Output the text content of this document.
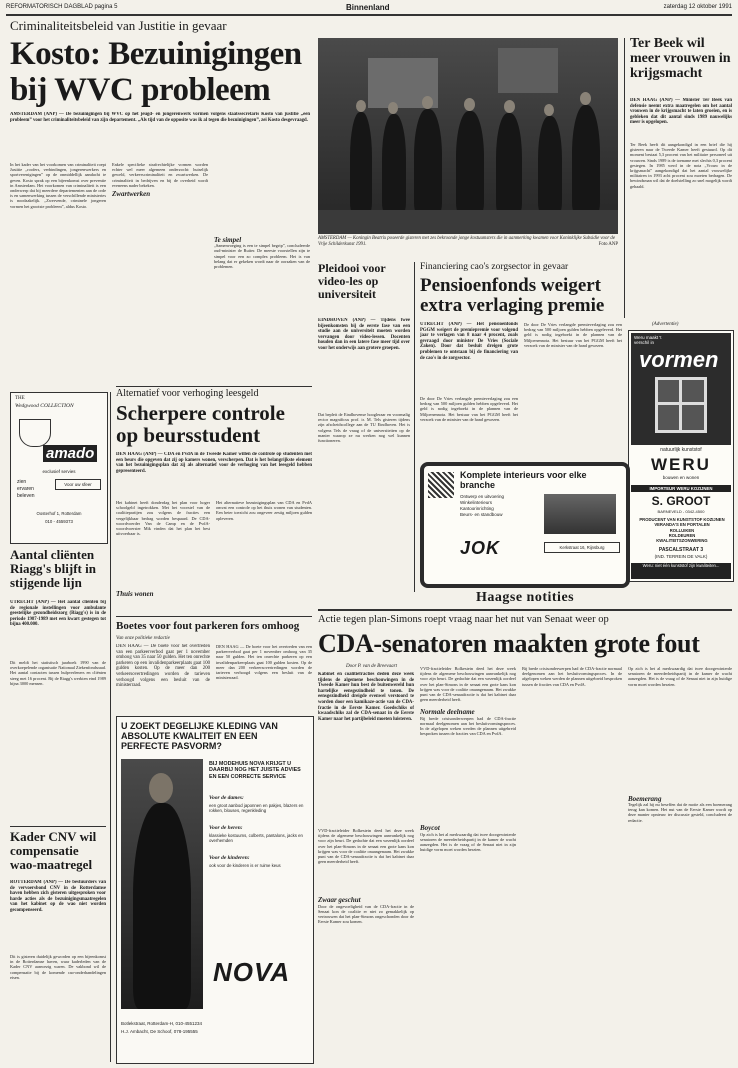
REFORMATORISCH DAGBLAD pagina 5	Binnenland	zaterdag 12 oktober 1991
Criminaliteitsbeleid van Justitie in gevaar
Kosto: Bezuinigingen bij WVC probleem
AMSTERDAM (ANP) — De bezuinigingen bij WVC op het jeugd- en jongerenwerk vormen volgens staatssecretaris Kosto van justitie „een probleem” voor het criminaliteitsbeleid van zijn departement. „Als tijd van de opposite was ik al tegen die bezuinigingen”, zei Kosto desgevraagd.
In het kader van het voorkomen van criminaliteit roept Justitie „roofers, verbindingen, jongerenwerkers en sportverenigingen” op de onmiddellijk aandacht te geven. Kosto sprak op een bijeenkomst over preventie in Amsterdam. Het voorkomen van criminaliteit is een onderwerp dat bij meerdere departementen aan de orde is en samenwerking tussen de verschillende ministeries is noodzakelijk. „Zwervende, criminele jongeren vormen het grootste probleem”, aldus Kosto.
Enkele specifieke strafrechtelijke vormen worden echter wel meer algemeen onderzocht: huiselijk geweld, verkeerscriminaliteit en zwartwerken. De criminaliteit in bedrijven en bij de overheid wordt eveneens nader bekeken.
Zwartwerken
Te simpel
„Samenvoeging is een te simpel begrip”, concludeerde oud-minister de Ruiter. De meeste voorstellen zijn te simpel voor een zo complex probleem. Het is van belang dat er gekeken wordt naar de oorzaken van de problemen.
AMSTERDAM — Koningin Beatrix poseerde gisteren met zes bekroonde jonge kostuumsters die in aanmerking kwamen voor Koninklijke Subsidie voor de Vrije Schilderkunst 1991.	Foto ANP
Ter Beek wil meer vrouwen in krijgsmacht
DEN HAAG (ANP) — Minister Ter Beek van defensie neemt extra maatregelen om het aantal vrouwen in de krijgsmacht te laten groeien, en is gebleken dat dit aantal sinds 1989 nauwelijks meer is opgelopen.
Ter Beek heeft dit aangekondigd in een brief die hij gisteren naar de Tweede Kamer heeft gestuurd. Op dit moment bestaat 5,3 procent van het militaire personeel uit vrouwen. Sinds 1989 is de toename met slechts 0,3 procent gestegen. In 1985 werd in de nota „Vrouw in de krijgsmacht” aangekondigd dat het aantal vrouwelijke militairen in 1993 acht procent zou moeten bedragen. De bewindsman wil dat de doelstelling zo snel mogelijk wordt gehaald.
(Advertentie)
Weru maakt 't verschil in
vormen
natuurlijk kunststof
WERU
bouwen en wonen
IMPORTEUR WERU KOZIJNEN
S. GROOT
BARNEVELD - 0342-4500
PRODUCENT VAN KUNSTSTOF KOZIJNEN
VERANDA'S EN PORTALEN
ROLLUIKEN
ROLDEUREN
KWALITEITSZONWERING
PASCALSTRAAT 3
(IND. TERREIN DE VALK)
Weru: niet één kunststof zijn kwaliteiten...
Pleidooi voor video-les op universiteit
EINDHOVEN (ANP) — Tijdens twee bijeenkomsten bij de eerste fase van een studie aan de universiteit moeten worden vervangen door video-lessen. Docenten houden dan in een latere fase meer tijd over voor het onderwijs aan grotere groepen.
Dat bepleit de Eindhovense hoogleraar en voormalig rector magnificus prof. ir. M. Tels gisteren tijdens zijn afscheidscollege aan de TU Eindhoven. Het is volgens Tels de vraag of de universiteiten op de manier waarop ze nu werken nog wel kunnen functioneren.
Financiering cao's zorgsector in gevaar
Pensioenfonds weigert extra verlaging premie
UTRECHT (ANP) — Het pensioenfonds PGGM weigert de premiepremie voor volgend jaar te verlagen van 8 naar 4 procent, zoals gevraagd door minister De Vries (Sociale Zaken). Door dat besluit dreigen grote problemen te ontstaan bij de financiering van de cao's in de zorgsector.
De door De Vries verlangde premieverlaging zou een bedrag van 500 miljoen gulden hebben opgeleverd. Het geld is nodig ingeboekt in de plannen van de Miljoenennota. Het bestuur van het PGGM heeft het verzoek van de minister van de hand gewezen.
De door De Vries verlangde premieverlaging zou een bedrag van 500 miljoen gulden hebben opgeleverd. Het geld is nodig ingeboekt in de plannen van de Miljoenennota. Het bestuur van het PGGM heeft het verzoek van de minister van de hand gewezen.
Komplete interieurs voor elke branche
Ontwerp en uitvoering
Winkelinterieurs
Kantoorinrichting
Beurs- en standbouw
JOK	Kerkstraat 16, Rijnsburg
Haagse notities
THE
Wedgwood COLLECTION
amado
exclusief servies
zien
ervaren
beleven
Voor uw sfeer
Oosterhof 1, Rotterdam
010 - 4559373
Aantal cliënten Riagg's blijft in stijgende lijn
UTRECHT (ANP) — Het aantal cliënten bij de regionale instellingen voor ambulante geestelijke gezondheidszorg (Riagg's) is in de periode 1987-1989 met een kwart gestegen tot bijna 400.000.
Dit meldt het statistisch jaarboek 1990 van de overkoepelende organisatie Nationaal Ziekenfondsraad. Het aantal contacten tussen hulpverleners en cliënten steeg met 16 procent. Bij de Riagg's werkten eind 1989 bijna 3000 mensen.
Kader CNV wil compensatie wao-maatregel
ROTTERDAM (ANP) — De bestuurders van de vervoersbond CNV in de Rotterdamse haven hebben zich gisteren uitgesproken voor harde acties als de bezuinigingsmaatregelen van het kabinet op de wao niet worden gecompenseerd.
Dit is gisteren duidelijk geworden op een bijeenkomst in de Rotterdamse haven, waar kaderleden van de Kader CNV aanwezig waren. De vakbond wil de compensatie bij de komende cao-onderhandelingen eisen.
Alternatief voor verhoging leesgeld
Scherpere controle op beursstudent
DEN HAAG (ANP) — CDA en PvdA in de Tweede Kamer willen de controle op studenten met een beurs die opgeven dat zij op kamers wonen, verscherpen. Dat is het belangrijkste element van het bezuinigingsplan dat zij als alternatief voor de verhoging van het leesgeld hebben gepresenteerd.
Het kabinet heeft donderdag het plan voor hoger schoolgeld ingetrokken. Met het voorstel van de coalitiepartijen zou volgens de fracties een vergelijkbaar bedrag worden bespaard. De CDA-woordvoerder Van de Camp en de PvdA-woordvoerster Mik vinden dat het plan het best uitvoerbaar is.
Het alternatieve bezuinigingsplan van CDA en PvdA omvat een controle op het thuis wonen van studenten. Een beter toezicht zou ongeveer zestig miljoen gulden opleveren.
Thuis wonen
Boetes voor fout parkeren fors omhoog
Van onze politieke redactie
DEN HAAG — De boete voor het overtreden van een parkeerverbod gaat per 1 november omhoog van 35 naar 50 gulden. Het ten onrechte parkeren op een invalidenparkeerplaats gaat 100 gulden kosten. Op de meer dan 200 verkeersovertredingen worden de tarieven verhoogd volgens een besluit van de ministerraad.
DEN HAAG — De boete voor het overtreden van een parkeerverbod gaat per 1 november omhoog van 35 naar 50 gulden. Het ten onrechte parkeren op een invalidenparkeerplaats gaat 100 gulden kosten. Op de meer dan 200 verkeersovertredingen worden de tarieven verhoogd volgens een besluit van de ministerraad.
U ZOEKT DEGELIJKE KLEDING VAN ABSOLUTE KWALITEIT EN EEN PERFECTE PASVORM?
BIJ MODEHUIS NOVA KRIJGT U DAARBIJ NOG HET JUISTE ADVIES EN EEN CORRECTE SERVICE
Voor de dames:
een groot aanbod japonnen en pakjes, blazers en rokken, blouses, regenkleding
Voor de heren:
klassieke kostuums, colberts, pantalons, jacks en overhemden
Voor de kinderen:
ook voor de kinderen is er ruime keus
NOVA
Botlekstraat, Rotterdam-H, 010-4551234
H.J. Ambacht, De Schoof, 078-195555
Actie tegen plan-Simons roept vraag naar het nut van Senaat weer op
CDA-senatoren maakten grote fout
Door P. van de Breevaart
Kabinet en coalitiefracties deden deze week tijdens de algemene beschouwingen in de Tweede Kamer hun best de buitenwereld hun hartelijke eensgezindheid te tonen. De eensgezindheid dreigde evenwel verstoord te worden door een kamikaze-actie van de CDA-fractie in de Eerste Kamer. Goedschiks of kwaadschiks zal de CDA-senaat in de Eerste Kamer naar het partijbeleid moeten luisteren.
VVD-fractieleider Bolkestein deed het deze week tijdens de algemene beschouwingen aanvankelijk nog voor zijn beurt. De gedachte dat een wezenlijk oordeel over het plan-Simons in de senaat een grote kans kon krijgen was voor de coalitie onaangenaam. Het zwakke punt van de CDA-senaatfractie is dat het kabinet daar geen meerderheid heeft.
Zwaar geschut
Door de ongevoeligheid van de CDA-fractie in de Senaat kon de coalitie er niet zo gemakkelijk op vertrouwen dat het plan-Simons ongeschonden door de Eerste Kamer zou komen.
VVD-fractieleider Bolkestein deed het deze week tijdens de algemene beschouwingen aanvankelijk nog voor zijn beurt. De gedachte dat een wezenlijk oordeel over het plan-Simons in de senaat een grote kans kon krijgen was voor de coalitie onaangenaam. Het zwakke punt van de CDA-senaatfractie is dat het kabinet daar geen meerderheid heeft.
Normale deelname
Bij brede crisisonderwerpen had de CDA-fractie normaal deelgenomen aan het besluitvormingsproces. In de afgelopen weken werden de plannen uitgebreid besproken tussen de fracties van CDA en PvdA.
Boycot
Op zich is het al merkwaardig dat twee doorgewinterde senatoren de meerderheidspartij in de kamer de wacht aanzegden. Het is de vraag of de Senaat niet in zijn huidige vorm moet worden herzien.
Bij brede crisisonderwerpen had de CDA-fractie normaal deelgenomen aan het besluitvormingsproces. In de afgelopen weken werden de plannen uitgebreid besproken tussen de fracties van CDA en PvdA.
Op zich is het al merkwaardig dat twee doorgewinterde senatoren de meerderheidspartij in de kamer de wacht aanzegden. Het is de vraag of de Senaat niet in zijn huidige vorm moet worden herzien.
Boemerang
Tegelijk zal hij nu beseffen dat de motie als een boemerang terug kan komen. Het nut van de Eerste Kamer wordt op deze manier opnieuw ter discussie gesteld, concludeert de redactie.
